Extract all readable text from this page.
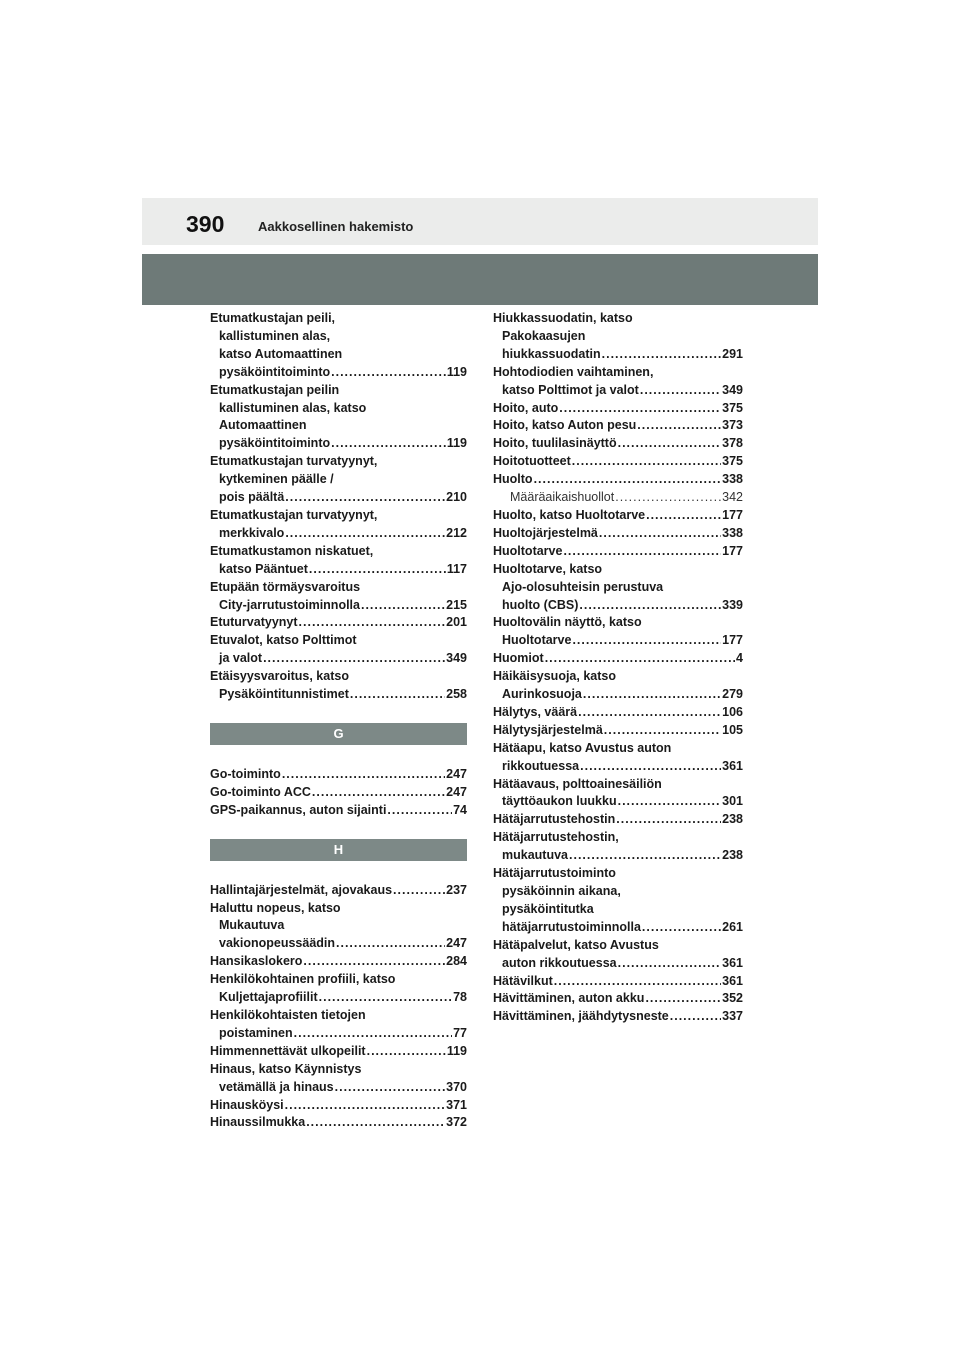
390	Aakkosellinen hakemisto
Etumatkustajan peili,
kallistuminen alas,
katso Automaattinen
pysäköintitoiminto .....	119
Etumatkustajan peilin
kallistuminen alas, katso
Automaattinen
pysäköintitoiminto .....	119
Etumatkustajan turvatyynyt,
kytkeminen päälle /
pois päältä .....	210
Etumatkustajan turvatyynyt,
merkkivalo .....	212
Etumatkustamon niskatuet,
katso Pääntuet .....	117
Etupään törmäysvaroitus
City-jarrutustoiminnolla .....	215
Etuturvatyynyt .....	201
Etuvalot, katso Polttimot
ja valot .....	349
Etäisyysvaroitus, katso
Pysäköintitunnistimet .....	258
G
Go-toiminto .....	247
Go-toiminto ACC .....	247
GPS-paikannus, auton sijainti .....	74
H
Hallintajärjestelmät, ajovakaus .....	237
Haluttu nopeus, katso
Mukautuva
vakionopeussäädin .....	247
Hansikaslokero .....	284
Henkilökohtainen profiili, katso
Kuljettajaprofiilit .....	78
Henkilökohtaisten tietojen
poistaminen .....	77
Himmennettävät ulkopeilit .....	119
Hinaus, katso Käynnistys
vetämällä ja hinaus .....	370
Hinausköysi .....	371
Hinaussilmukka .....	372
Hiukkassuodatin, katso
Pakokaasujen
hiukkassuodatin .....	291
Hohtodiodien vaihtaminen,
katso Polttimot ja valot .....	349
Hoito, auto .....	375
Hoito, katso Auton pesu .....	373
Hoito, tuulilasinäyttö .....	378
Hoitotuotteet .....	375
Huolto .....	338
Määräaikaishuollot .....	342
Huolto, katso Huoltotarve .....	177
Huoltojärjestelmä .....	338
Huoltotarve .....	177
Huoltotarve, katso
Ajo-olosuhteisin perustuva
huolto (CBS) .....	339
Huoltovälin näyttö, katso
Huoltotarve .....	177
Huomiot .....	4
Häikäisysuoja, katso
Aurinkosuoja .....	279
Hälytys, väärä .....	106
Hälytysjärjestelmä .....	105
Hätäapu, katso Avustus auton
rikkoutuessa .....	361
Hätäavaus, polttoainesäiliön
täyttöaukon luukku .....	301
Hätäjarrutustehostin .....	238
Hätäjarrutustehostin,
mukautuva .....	238
Hätäjarrutustoiminto
pysäköinnin aikana,
pysäköintitutka
hätäjarrutustoiminnolla .....	261
Hätäpalvelut, katso Avustus
auton rikkoutuessa .....	361
Hätävilkut .....	361
Hävittäminen, auton akku .....	352
Hävittäminen, jäähdytysneste .....	337
